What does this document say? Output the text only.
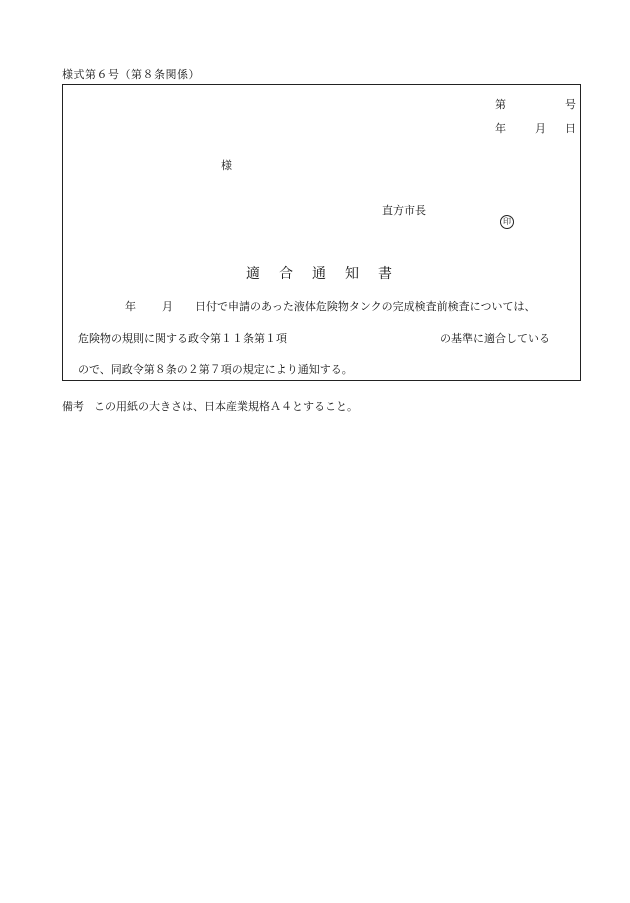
様式第６号（第８条関係）
第	号
年	月	日
様
直方市長
印
適合通知書
年 月 日付で申請のあった液体危険物タンクの完成検査前検査については、
危険物の規則に関する政令第１１条第１項	の基準に適合している
ので、同政令第８条の２第７項の規定により通知する。
備考 この用紙の大きさは、日本産業規格Ａ４とすること。
